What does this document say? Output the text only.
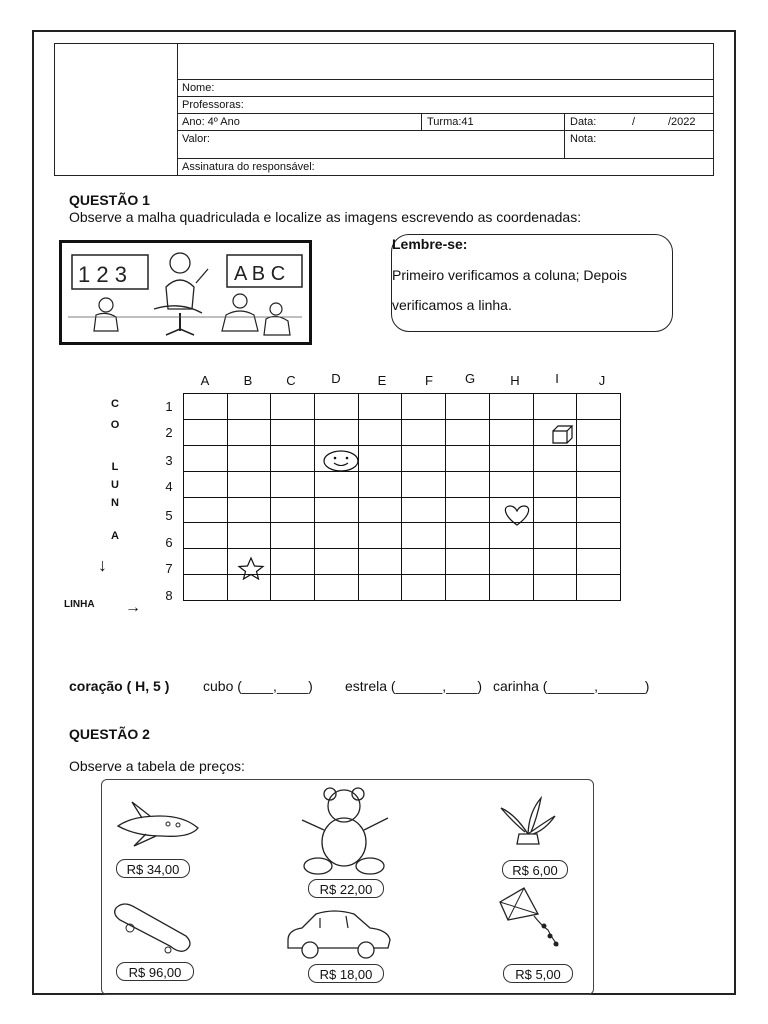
Nome:
Professoras:
Ano: 4º Ano	Turma:41	Data:	/	/2022
Valor:	Nota:
Assinatura do responsável:
QUESTÃO 1
Observe a malha quadriculada e localize as imagens escrevendo as coordenadas:
1 2 3	A B C
Lembre-se:
Primeiro verificamos a coluna; Depois
verificamos a linha.
A	B	C	D	E	F	G	H	I	J
1
2
3
4
5
6
7
8
C
O
L
U
N
A
↓
LINHA →

coração ( H, 5 ) cubo (____,____) estrela (______,____) carinha (______,______)
QUESTÃO 2
Observe a tabela de preços:
R$ 34,00
R$ 22,00
R$ 6,00
R$ 96,00	R$ 18,00	R$ 5,00
